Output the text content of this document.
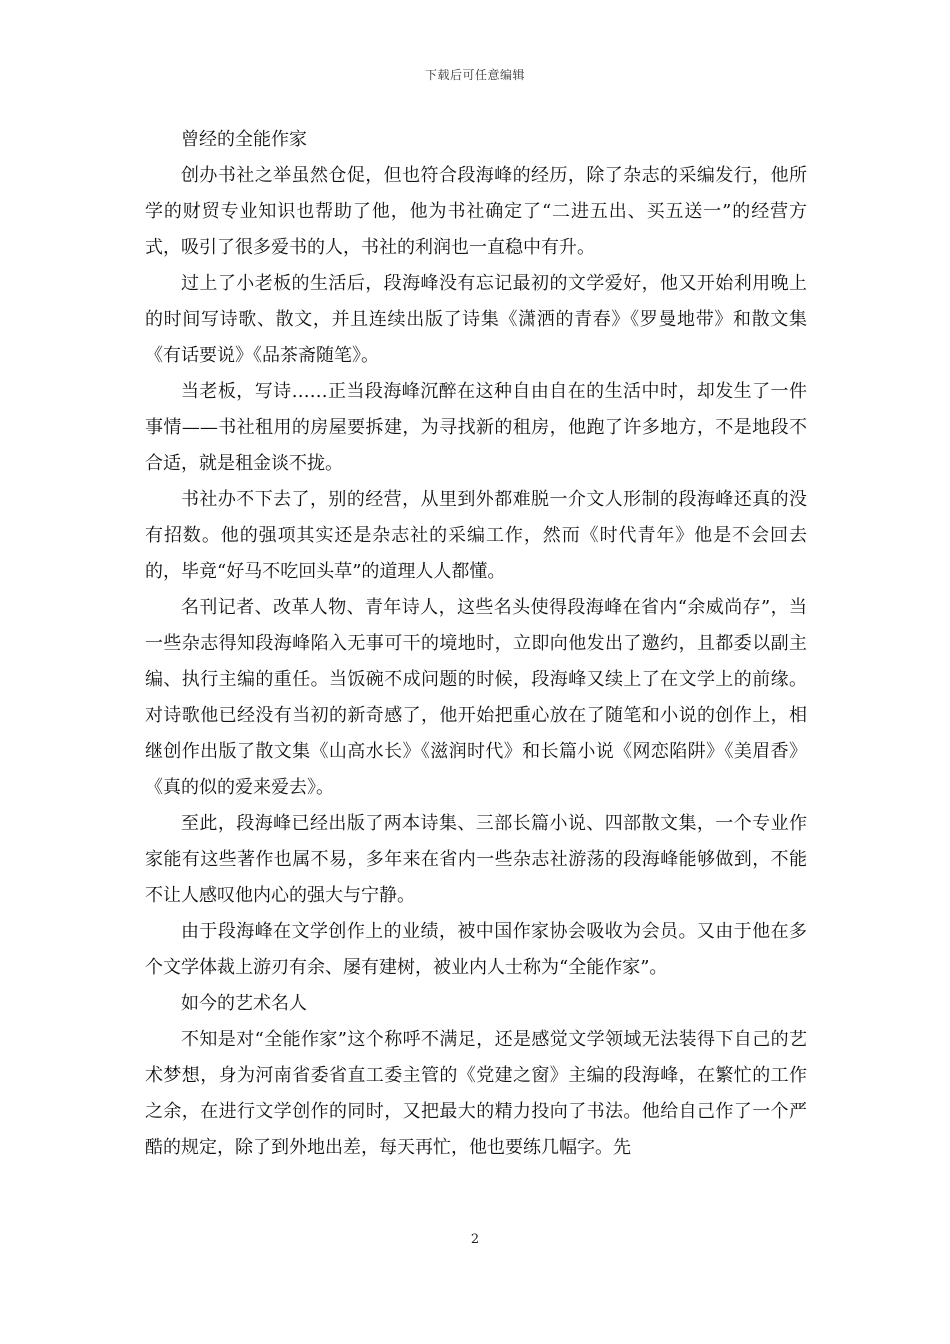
下载后可任意编辑

曾经的全能作家

创办书社之举虽然仓促，但也符合段海峰的经历，除了杂志的采编发行，他所学的财贸专业知识也帮助了他，他为书社确定了“二进五出、买五送一”的经营方式，吸引了很多爱书的人，书社的利润也一直稳中有升。

过上了小老板的生活后，段海峰没有忘记最初的文学爱好，他又开始利用晚上的时间写诗歌、散文，并且连续出版了诗集《潇洒的青春》《罗曼地带》和散文集《有话要说》《品茶斋随笔》。

当老板，写诗……正当段海峰沉醉在这种自由自在的生活中时，却发生了一件事情——书社租用的房屋要拆建，为寻找新的租房，他跑了许多地方，不是地段不合适，就是租金谈不拢。

书社办不下去了，别的经营，从里到外都难脱一介文人形制的段海峰还真的没有招数。他的强项其实还是杂志社的采编工作，然而《时代青年》他是不会回去的，毕竟“好马不吃回头草”的道理人人都懂。

名刊记者、改革人物、青年诗人，这些名头使得段海峰在省内“余威尚存”，当一些杂志得知段海峰陷入无事可干的境地时，立即向他发出了邀约，且都委以副主编、执行主编的重任。当饭碗不成问题的时候，段海峰又续上了在文学上的前缘。对诗歌他已经没有当初的新奇感了，他开始把重心放在了随笔和小说的创作上，相继创作出版了散文集《山高水长》《滋润时代》和长篇小说《网恋陷阱》《美眉香》《真的似的爱来爱去》。

至此，段海峰已经出版了两本诗集、三部长篇小说、四部散文集，一个专业作家能有这些著作也属不易，多年来在省内一些杂志社游荡的段海峰能够做到，不能不让人感叹他内心的强大与宁静。

由于段海峰在文学创作上的业绩，被中国作家协会吸收为会员。又由于他在多个文学体裁上游刃有余、屡有建树，被业内人士称为“全能作家”。

如今的艺术名人

不知是对“全能作家”这个称呼不满足，还是感觉文学领域无法装得下自己的艺术梦想，身为河南省委省直工委主管的《党建之窗》主编的段海峰，在繁忙的工作之余，在进行文学创作的同时，又把最大的精力投向了书法。他给自己作了一个严酷的规定，除了到外地出差，每天再忙，他也要练几幅字。先

2
